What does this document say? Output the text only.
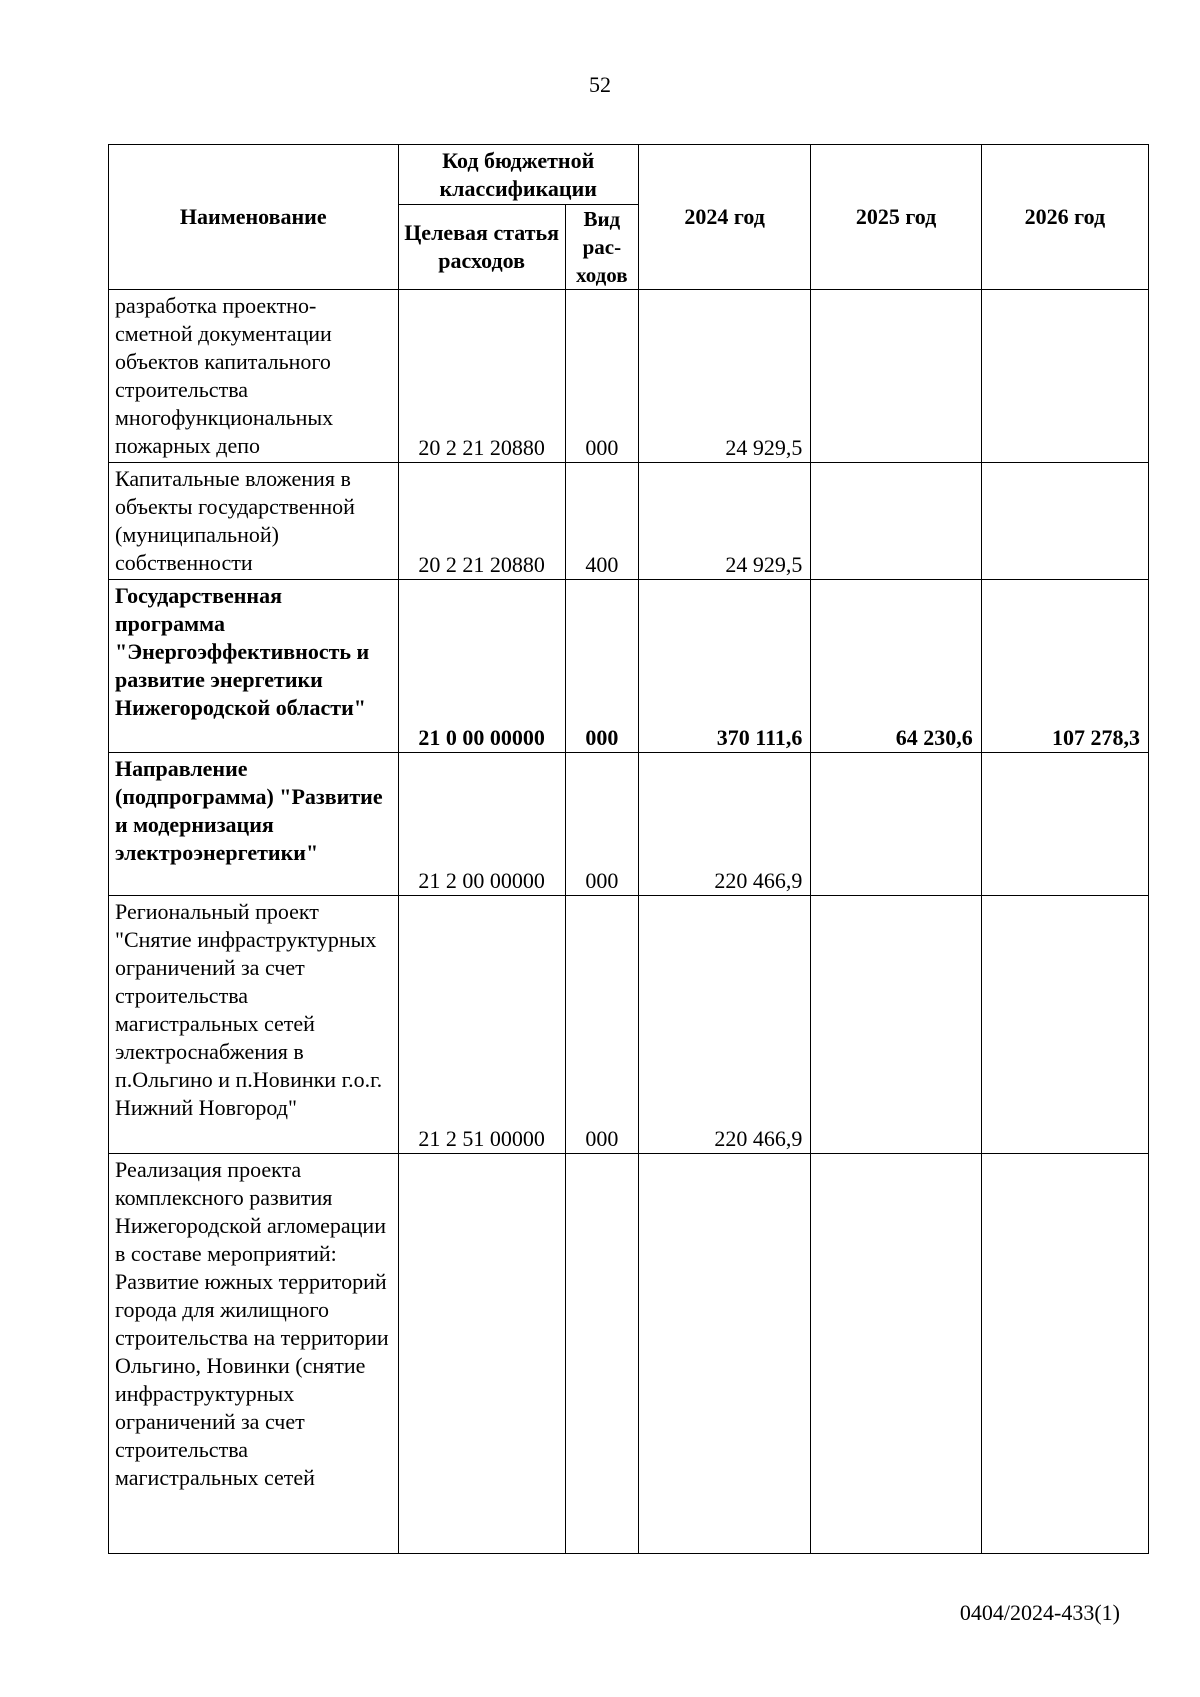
52
Наименование	Код бюджетной классификации		2024 год	2025 год	2026 год
	Целевая статья расходов	Вид рас-ходов			
разработка проектно-сметной документации объектов капитального строительства многофункциональных пожарных депо	20 2 21 20880	000	24 929,5		
Капитальные вложения в объекты государственной (муниципальной) собственности	20 2 21 20880	400	24 929,5		
Государственная программа "Энергоэффективность и развитие энергетики Нижегородской области"	21 0 00 00000	000	370 111,6	64 230,6	107 278,3
Направление (подпрограмма) "Развитие и модернизация электроэнергетики"	21 2 00 00000	000	220 466,9		
Региональный проект "Снятие инфраструктурных ограничений за счет строительства магистральных сетей электроснабжения в п.Ольгино и п.Новинки г.о.г. Нижний Новгород"	21 2 51 00000	000	220 466,9		
Реализация проекта комплексного развития Нижегородской агломерации в составе мероприятий: Развитие южных территорий города для жилищного строительства на территории Ольгино, Новинки (снятие инфраструктурных ограничений за счет строительства магистральных сетей					
0404/2024-433(1)
